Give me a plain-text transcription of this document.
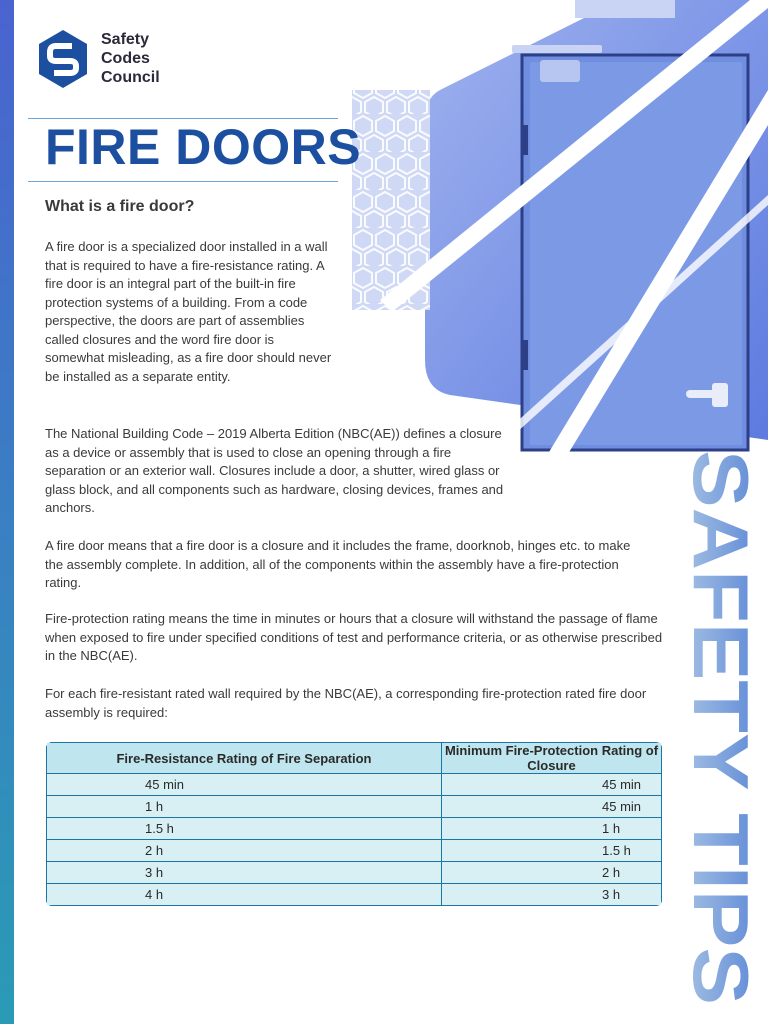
Safety
Codes
Council
FIRE DOORS
What is a fire door?

A fire door is a specialized door installed in a wall that is required to have a fire-resistance rating. A fire door is an integral part of the built-in fire protection systems of a building. From a code perspective, the doors are part of assemblies called closures and the word fire door is somewhat misleading, as a fire door should never be installed as a separate entity.

The National Building Code – 2019 Alberta Edition (NBC(AE)) defines a closure as a device or assembly that is used to close an opening through a fire separation or an exterior wall. Closures include a door, a shutter, wired glass or glass block, and all components such as hardware, closing devices, frames and anchors.

A fire door means that a fire door is a closure and it includes the frame, doorknob, hinges etc. to make the assembly complete. In addition, all of the components within the assembly have a fire-protection rating.

Fire-protection rating means the time in minutes or hours that a closure will withstand the passage of flame when exposed to fire under specified conditions of test and performance criteria, or as otherwise prescribed in the NBC(AE).

For each fire-resistant rated wall required by the NBC(AE), a corresponding fire-protection rated fire door assembly is required:

Fire-Resistance Rating of Fire Separation	Minimum Fire-Protection Rating of Closure
45 min	45 min
1 h	45 min
1.5 h	1 h
2 h	1.5 h
3 h	2 h
4 h	3 h SAFETY TIPS
